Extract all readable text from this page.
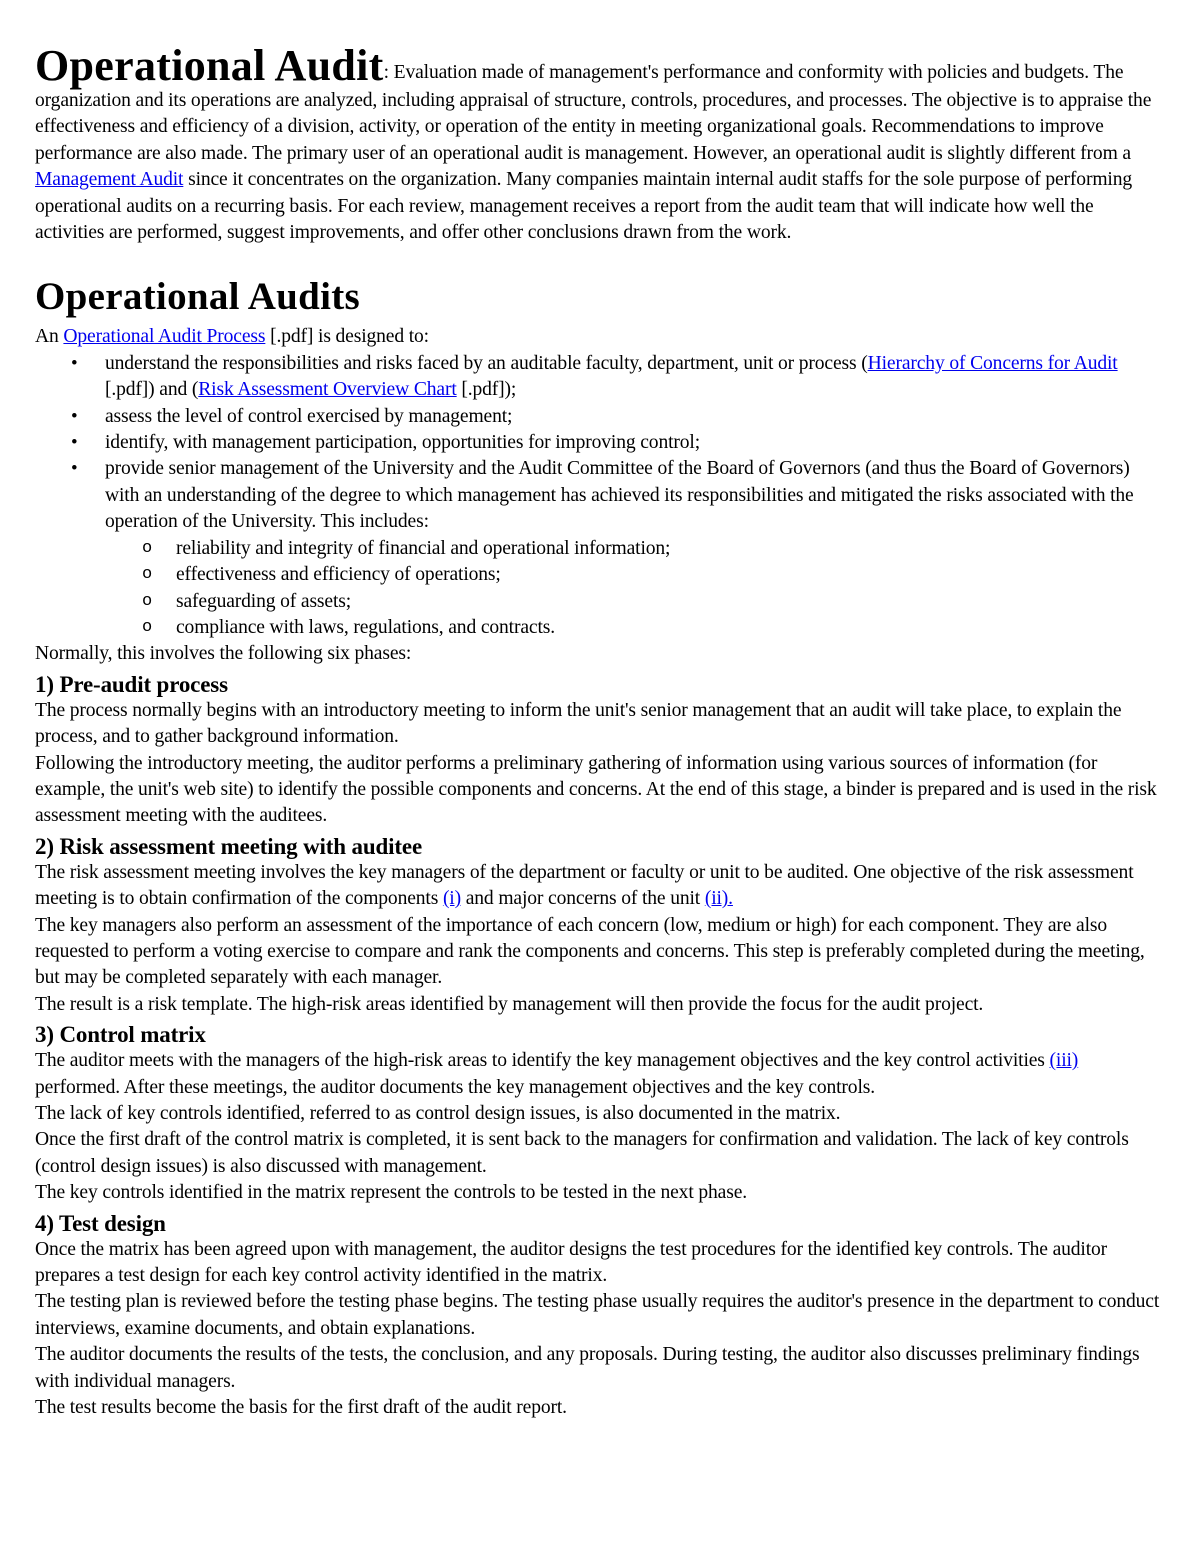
Operational Audit: Evaluation made of management's performance and conformity with policies and budgets. The organization and its operations are analyzed, including appraisal of structure, controls, procedures, and processes. The objective is to appraise the effectiveness and efficiency of a division, activity, or operation of the entity in meeting organizational goals. Recommendations to improve performance are also made. The primary user of an operational audit is management. However, an operational audit is slightly different from a Management Audit since it concentrates on the organization. Many companies maintain internal audit staffs for the sole purpose of performing operational audits on a recurring basis. For each review, management receives a report from the audit team that will indicate how well the activities are performed, suggest improvements, and offer other conclusions drawn from the work.

Operational Audits

An Operational Audit Process [.pdf] is designed to:

• understand the responsibilities and risks faced by an auditable faculty, department, unit or process (Hierarchy of Concerns for Audit [.pdf]) and (Risk Assessment Overview Chart [.pdf]);
• assess the level of control exercised by management;
• identify, with management participation, opportunities for improving control;
• provide senior management of the University and the Audit Committee of the Board of Governors (and thus the Board of Governors) with an understanding of the degree to which management has achieved its responsibilities and mitigated the risks associated with the operation of the University. This includes:
o reliability and integrity of financial and operational information;
o effectiveness and efficiency of operations;
o safeguarding of assets;
o compliance with laws, regulations, and contracts.

Normally, this involves the following six phases:

1) Pre-audit process

The process normally begins with an introductory meeting to inform the unit's senior management that an audit will take place, to explain the process, and to gather background information.

Following the introductory meeting, the auditor performs a preliminary gathering of information using various sources of information (for example, the unit's web site) to identify the possible components and concerns. At the end of this stage, a binder is prepared and is used in the risk assessment meeting with the auditees.

2) Risk assessment meeting with auditee

The risk assessment meeting involves the key managers of the department or faculty or unit to be audited. One objective of the risk assessment meeting is to obtain confirmation of the components (i) and major concerns of the unit (ii).

The key managers also perform an assessment of the importance of each concern (low, medium or high) for each component. They are also requested to perform a voting exercise to compare and rank the components and concerns. This step is preferably completed during the meeting, but may be completed separately with each manager.

The result is a risk template. The high-risk areas identified by management will then provide the focus for the audit project.

3) Control matrix

The auditor meets with the managers of the high-risk areas to identify the key management objectives and the key control activities (iii) performed. After these meetings, the auditor documents the key management objectives and the key controls.

The lack of key controls identified, referred to as control design issues, is also documented in the matrix.

Once the first draft of the control matrix is completed, it is sent back to the managers for confirmation and validation. The lack of key controls (control design issues) is also discussed with management.

The key controls identified in the matrix represent the controls to be tested in the next phase.

4) Test design

Once the matrix has been agreed upon with management, the auditor designs the test procedures for the identified key controls. The auditor prepares a test design for each key control activity identified in the matrix.

The testing plan is reviewed before the testing phase begins. The testing phase usually requires the auditor's presence in the department to conduct interviews, examine documents, and obtain explanations.

The auditor documents the results of the tests, the conclusion, and any proposals. During testing, the auditor also discusses preliminary findings with individual managers.

The test results become the basis for the first draft of the audit report.
